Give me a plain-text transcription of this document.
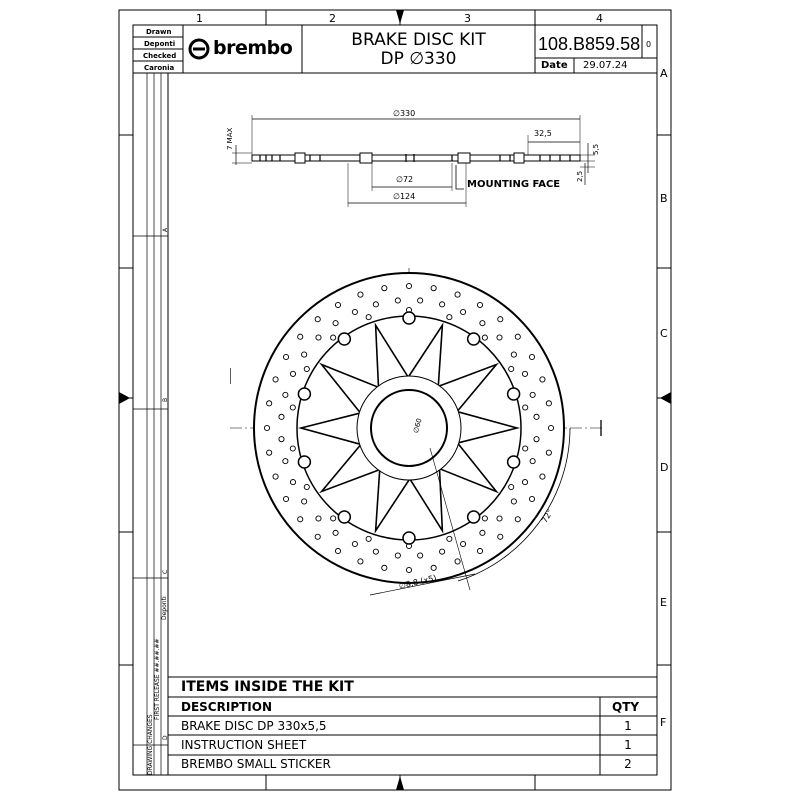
1	2	3	4
A
B
C
D
E
F
Drawn
Deponti
Checked
Caronia
brembo	BRAKE DISC KIT
DP ∅330
108.B859.58 0
Date 29.07.24
DRAWING CHANGES
FIRST RELEASE ##.##.##
Deponti
A
B
C
D
∅330
7 MAX	32,5
5,5
2,5
∅72
∅124
MOUNTING FACE
∅60
72°
∅8,8 (x5)
ITEMS INSIDE THE KIT
DESCRIPTION	QTY
BRAKE DISC DP 330x5,5	1
INSTRUCTION SHEET	1
BREMBO SMALL STICKER	2
